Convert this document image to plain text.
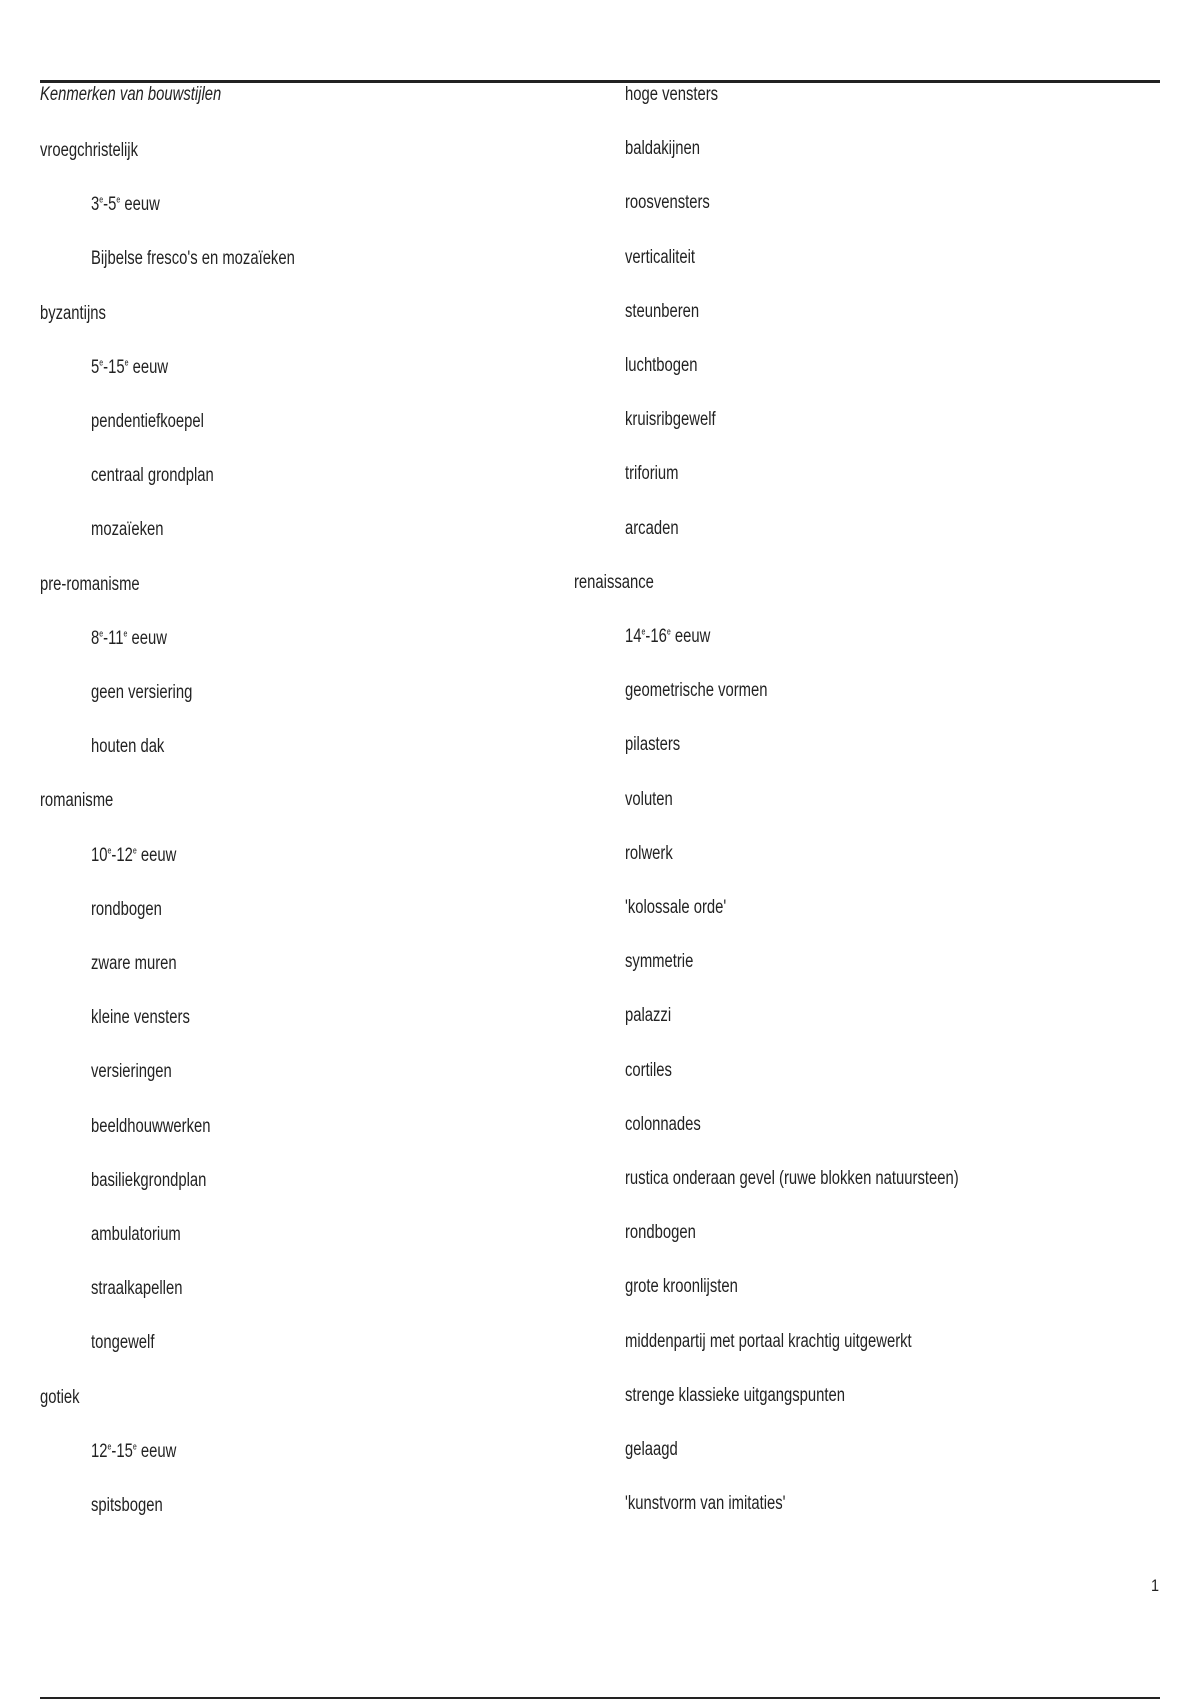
Kenmerken van bouwstijlen
vroegchristelijk
3e-5e eeuw
Bijbelse fresco's en mozaïeken
byzantijns
5e-15e eeuw
pendentiefkoepel
centraal grondplan
mozaïeken
pre-romanisme
8e-11e eeuw
geen versiering
houten dak
romanisme
10e-12e eeuw
rondbogen
zware muren
kleine vensters
versieringen
beeldhouwwerken
basiliekgrondplan
ambulatorium
straalkapellen
tongewelf
gotiek
12e-15e eeuw
spitsbogen
hoge vensters
baldakijnen
roosvensters
verticaliteit
steunberen
luchtbogen
kruisribgewelf
triforium
arcaden
renaissance
14e-16e eeuw
geometrische vormen
pilasters
voluten
rolwerk
'kolossale orde'
symmetrie
palazzi
cortiles
colonnades
rustica onderaan gevel (ruwe blokken natuursteen)
rondbogen
grote kroonlijsten
middenpartij met portaal krachtig uitgewerkt
strenge klassieke uitgangspunten
gelaagd
'kunstvorm van imitaties'
1
